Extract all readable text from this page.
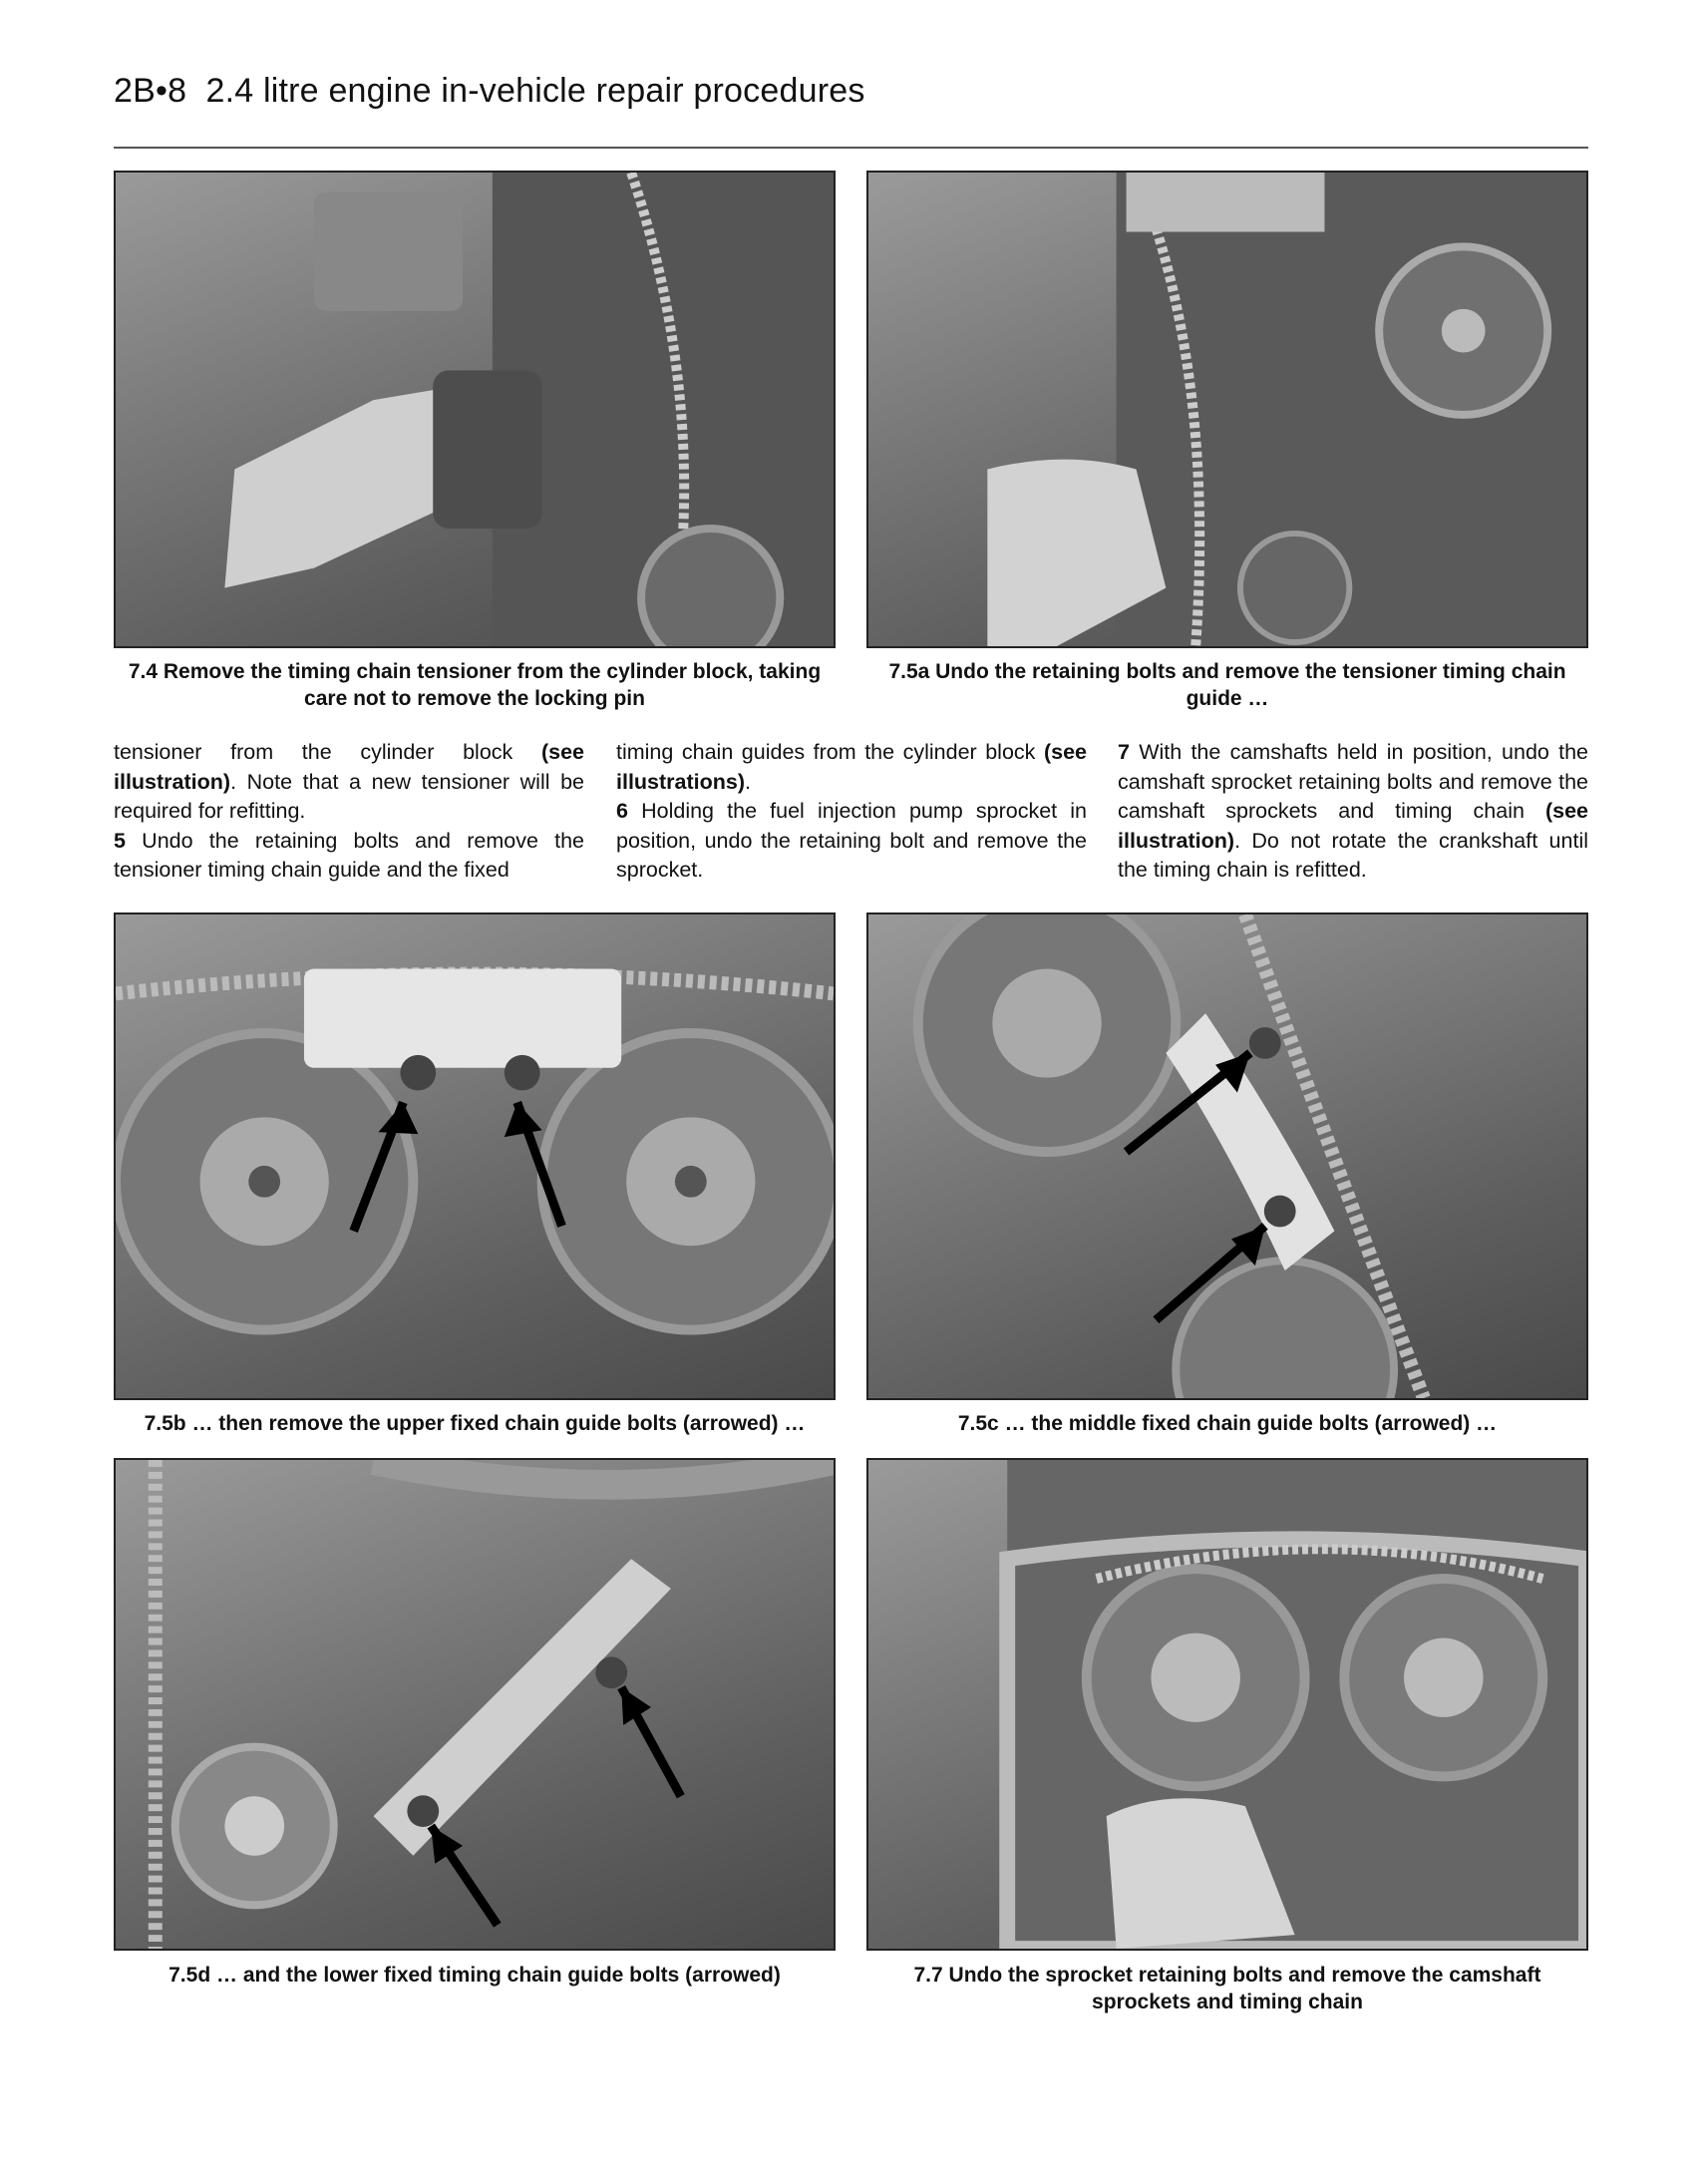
2B•8 2.4 litre engine in-vehicle repair procedures
7.4 Remove the timing chain tensioner from the cylinder block, taking care not to remove the locking pin
7.5a Undo the retaining bolts and remove the tensioner timing chain guide …

tensioner from the cylinder block (see illustration). Note that a new tensioner will be required for refitting.

5 Undo the retaining bolts and remove the tensioner timing chain guide and the fixed

timing chain guides from the cylinder block (see illustrations).

6 Holding the fuel injection pump sprocket in position, undo the retaining bolt and remove the sprocket.

7 With the camshafts held in position, undo the camshaft sprocket retaining bolts and remove the camshaft sprockets and timing chain (see illustration). Do not rotate the crankshaft until the timing chain is refitted.

7.5b … then remove the upper fixed chain guide bolts (arrowed) …	7.5c … the middle fixed chain guide bolts (arrowed) …
7.5d … and the lower fixed timing chain guide bolts (arrowed)	7.7 Undo the sprocket retaining bolts and remove the camshaft sprockets and timing chain
